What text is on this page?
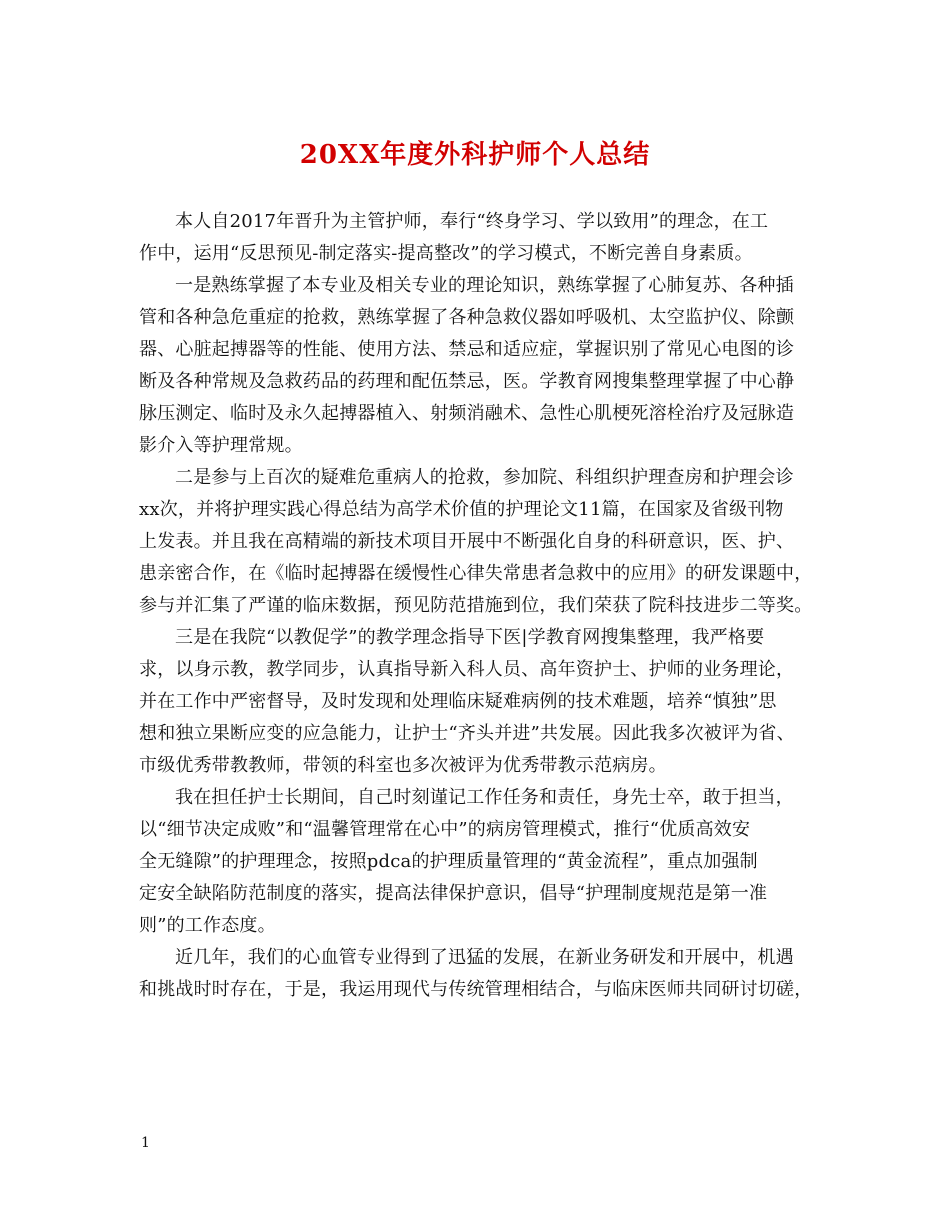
20XX年度外科护师个人总结

本人自2017年晋升为主管护师，奉行“终身学习、学以致用”的理念，在工

作中，运用“反思预见-制定落实-提高整改”的学习模式，不断完善自身素质。

一是熟练掌握了本专业及相关专业的理论知识，熟练掌握了心肺复苏、各种插

管和各种急危重症的抢救，熟练掌握了各种急救仪器如呼吸机、太空监护仪、除颤

器、心脏起搏器等的性能、使用方法、禁忌和适应症，掌握识别了常见心电图的诊

断及各种常规及急救药品的药理和配伍禁忌，医。学教育网搜集整理掌握了中心静

脉压测定、临时及永久起搏器植入、射频消融术、急性心肌梗死溶栓治疗及冠脉造

影介入等护理常规。

二是参与上百次的疑难危重病人的抢救，参加院、科组织护理查房和护理会诊

xx次，并将护理实践心得总结为高学术价值的护理论文11篇，在国家及省级刊物

上发表。并且我在高精端的新技术项目开展中不断强化自身的科研意识，医、护、

患亲密合作，在《临时起搏器在缓慢性心律失常患者急救中的应用》的研发课题中，

参与并汇集了严谨的临床数据，预见防范措施到位，我们荣获了院科技进步二等奖。

三是在我院“以教促学”的教学理念指导下医|学教育网搜集整理，我严格要

求，以身示教，教学同步，认真指导新入科人员、高年资护士、护师的业务理论，

并在工作中严密督导，及时发现和处理临床疑难病例的技术难题，培养“慎独”思

想和独立果断应变的应急能力，让护士“齐头并进”共发展。因此我多次被评为省、

市级优秀带教教师，带领的科室也多次被评为优秀带教示范病房。

我在担任护士长期间，自己时刻谨记工作任务和责任，身先士卒，敢于担当，

以“细节决定成败”和“温馨管理常在心中”的病房管理模式，推行“优质高效安

全无缝隙”的护理理念，按照pdca的护理质量管理的“黄金流程”，重点加强制

定安全缺陷防范制度的落实，提高法律保护意识，倡导“护理制度规范是第一准

则”的工作态度。

近几年，我们的心血管专业得到了迅猛的发展，在新业务研发和开展中，机遇

和挑战时时存在，于是，我运用现代与传统管理相结合，与临床医师共同研讨切磋，

1
